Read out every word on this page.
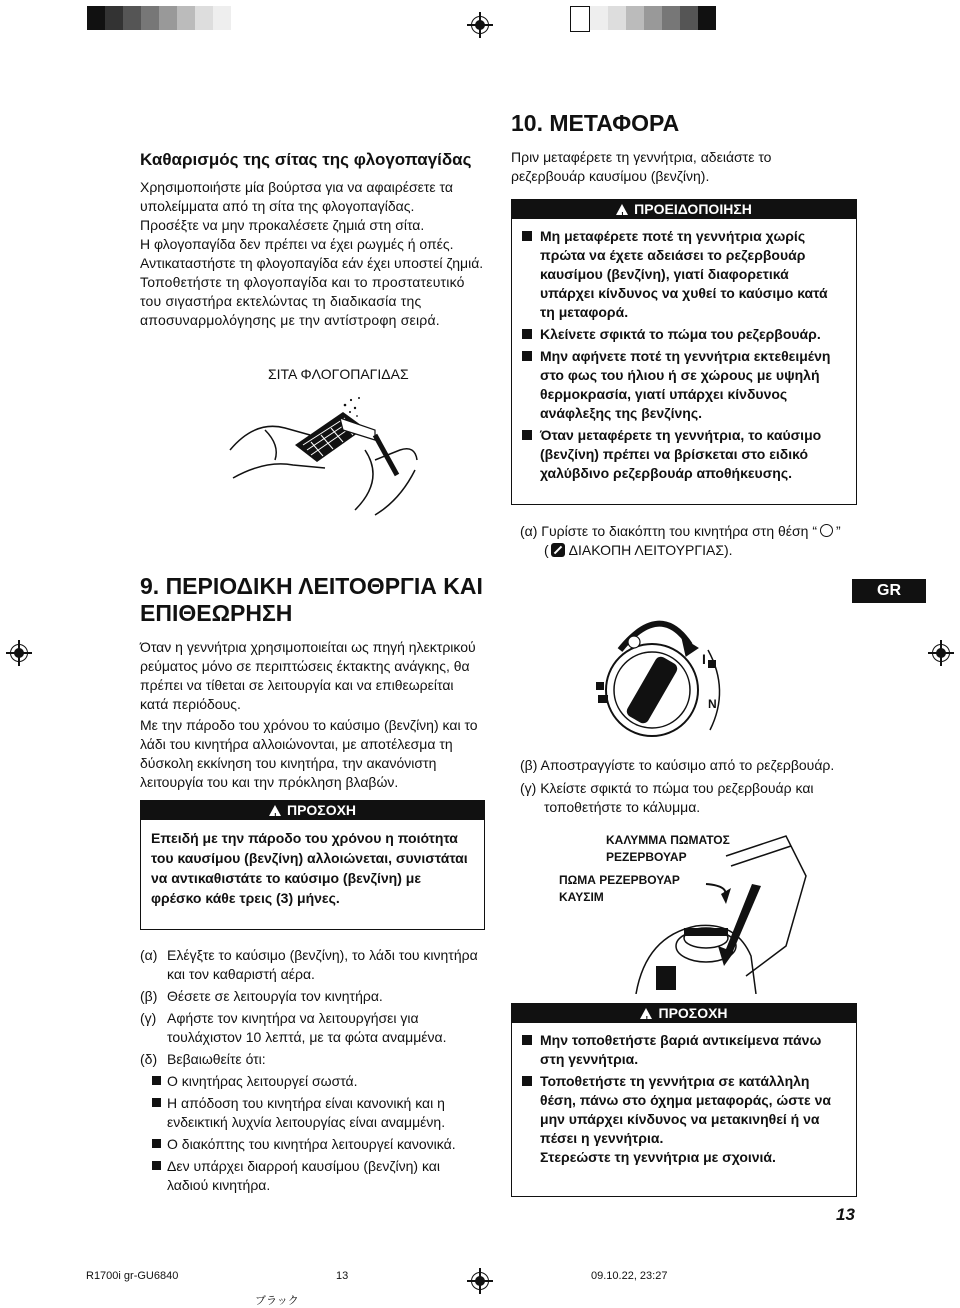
Καθαρισμός της σίτας της φλογοπαγίδας
Χρησιμοποιήστε μία βούρτσα για να αφαιρέσετε τα υπολείμματα από τη σίτα της φλογοπαγίδας.
Προσέξτε να μην προκαλέσετε ζημιά στη σίτα.
Η φλογοπαγίδα δεν πρέπει να έχει ρωγμές ή οπές. Αντικαταστήστε τη φλογοπαγίδα εάν έχει υποστεί ζημιά.
Τοποθετήστε τη φλογοπαγίδα και το προστατευτικό του σιγαστήρα εκτελώντας τη διαδικασία της αποσυναρμολόγησης με την αντίστροφη σειρά.
ΣΙΤΑ ΦΛΟΓΟΠΑΓΙΔΑΣ
9. ΠΕΡΙΟΔΙΚΗ ΛΕΙΤΟΘΡΓΙΑ ΚΑΙ
ΕΠΙΘΕΩΡΗΣΗ
Όταν η γεννήτρια χρησιμοποιείται ως πηγή ηλεκτρικού ρεύματος μόνο σε περιπτώσεις έκτακτης ανάγκης, θα πρέπει να τίθεται σε λειτουργία και να επιθεωρείται κατά περιόδους.
Με την πάροδο του χρόνου το καύσιμο (βενζίνη) και το λάδι του κινητήρα αλλοιώνονται, με αποτέλεσμα τη δύσκολη εκκίνηση του κινητήρα, την ακανόνιστη λειτουργία του και την πρόκληση βλαβών.
! ΠΡΟΣΟΧΗ
Επειδή με την πάροδο του χρόνου η ποιότητα του καυσίμου (βενζίνη) αλλοιώνεται, συνιστάται να αντικαθιστάτε το καύσιμο (βενζίνη) με φρέσκο κάθε τρεις (3) μήνες.
(α) Ελέγξτε το καύσιμο (βενζίνη), το λάδι του κινητήρα και τον καθαριστή αέρα.
(β) Θέσετε σε λειτουργία τον κινητήρα.
(γ) Αφήστε τον κινητήρα να λειτουργήσει για τουλάχιστον 10 λεπτά, με τα φώτα αναμμένα.
(δ) Βεβαιωθείτε ότι:
Ο κινητήρας λειτουργεί σωστά.
Η απόδοση του κινητήρα είναι κανονική και η ενδεικτική λυχνία λειτουργίας είναι αναμμένη.
Ο διακόπτης του κινητήρα λειτουργεί κανονικά.
Δεν υπάρχει διαρροή καυσίμου (βενζίνη) και λαδιού κινητήρα.
10. ΜΕΤΑΦΟΡΑ
Πριν μεταφέρετε τη γεννήτρια, αδειάστε το ρεζερβουάρ καυσίμου (βενζίνη).
! ΠΡΟΕΙΔΟΠΟΙΗΣΗ
Μη μεταφέρετε ποτέ τη γεννήτρια χωρίς πρώτα να έχετε αδειάσει το ρεζερβουάρ καυσίμου (βενζίνη), γιατί διαφορετικά υπάρχει κίνδυνος να χυθεί το καύσιμο κατά τη μεταφορά.
Κλείνετε σφικτά το πώμα του ρεζερβουάρ.
Μην αφήνετε ποτέ τη γεννήτρια εκτεθειμένη στο φως του ήλιου ή σε χώρους με υψηλή θερμοκρασία, γιατί υπάρχει κίνδυνος ανάφλεξης της βενζίνης.
Όταν μεταφέρετε τη γεννήτρια, το καύσιμο (βενζίνη) πρέπει να βρίσκεται στο ειδικό χαλύβδινο ρεζερβουάρ αποθήκευσης.
(α) Γυρίστε το διακόπτη του κινητήρα στη θέση “ ”
( ΔΙΑΚΟΠΗ ΛΕΙΤΟΥΡΓΙΑΣ).
GR
I
N
(β) Αποστραγγίστε το καύσιμο από το ρεζερβουάρ.
(γ) Κλείστε σφικτά το πώμα του ρεζερβουάρ και
τοποθετήστε το κάλυμμα.
ΚΑΛΥΜΜΑ ΠΩΜΑΤΟΣ
ΡΕΖΕΡΒΟΥΑΡ
ΠΩΜΑ ΡΕΖΕΡΒΟΥΑΡ
ΚΑΥΣΙΜ
! ΠΡΟΣΟΧΗ
Μην τοποθετήστε βαριά αντικείμενα πάνω στη γεννήτρια.
Τοποθετήστε τη γεννήτρια σε κατάλληλη θέση, πάνω στο όχημα μεταφοράς, ώστε να μην υπάρχει κίνδυνος να μετακινηθεί ή να πέσει η γεννήτρια.
Στερεώστε τη γεννήτρια με σχοινιά.
13
R1700i gr-GU6840	13	09.10.22, 23:27
ブラック
